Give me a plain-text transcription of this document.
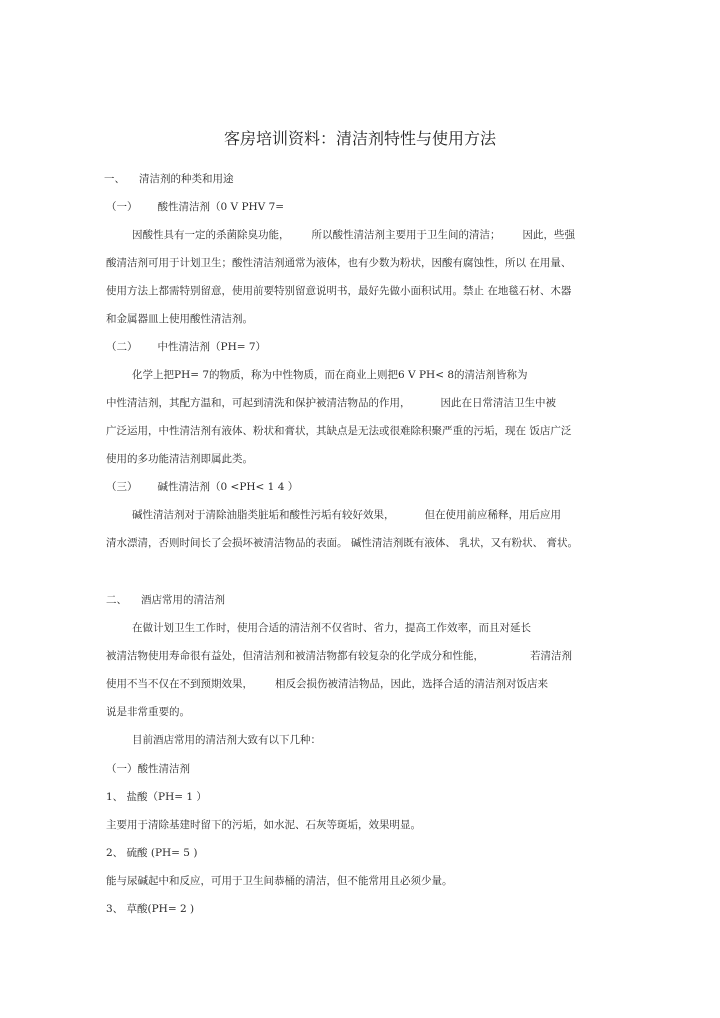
客房培训资料：清洁剂特性与使用方法
一、 清洁剂的种类和用途
（一） 酸性清洁剂（0 V PHV 7=
因酸性具有一定的杀菌除臭功能， 所以酸性清洁剂主要用于卫生间的清洁； 因此，些强
酸清洁剂可用于计划卫生；酸性清洁剂通常为液体，也有少数为粉状，因酸有腐蚀性，所以 在用量、
使用方法上都需特别留意，使用前要特别留意说明书，最好先做小面积试用。禁止 在地毯石材、木器
和金属器皿上使用酸性清洁剂。
（二） 中性清洁剂（PH= 7）
化学上把PH= 7的物质，称为中性物质，而在商业上则把6 V PH< 8的清洁剂皆称为
中性清洁剂，其配方温和，可起到清洗和保护被清洁物品的作用，	因此在日常清洁卫生中被
广泛运用，中性清洁剂有液体、粉状和膏状，其缺点是无法或很难除积聚严重的污垢，现在 饭店广泛
使用的多功能清洁剂即属此类。
（三） 碱性清洁剂（0 <PH< 1 4 ）
碱性清洁剂对于清除油脂类脏垢和酸性污垢有较好效果，	但在使用前应稀释，用后应用
清水漂清，否则时间长了会损坏被清洁物品的表面。 碱性清洁剂既有液体、 乳状，又有粉状、 膏状。
二、 酒店常用的清洁剂
在做计划卫生工作时，使用合适的清洁剂不仅省时、省力，提高工作效率，而且对延长
被清洁物使用寿命很有益处，但清洁剂和被清洁物都有较复杂的化学成分和性能，	若清洁剂
使用不当不仅在不到预期效果， 相反会损伤被清洁物品，因此，选择合适的清洁剂对饭店来
说是非常重要的。
目前酒店常用的清洁剂大致有以下几种：
（一）酸性清洁剂
1、 盐酸（PH= 1 ）
主要用于清除基建时留下的污垢，如水泥、石灰等斑垢，效果明显。
2、 硫酸 (PH= 5 )
能与尿碱起中和反应，可用于卫生间恭桶的清洁，但不能常用且必须少量。
3、 草酸(PH= 2 )
